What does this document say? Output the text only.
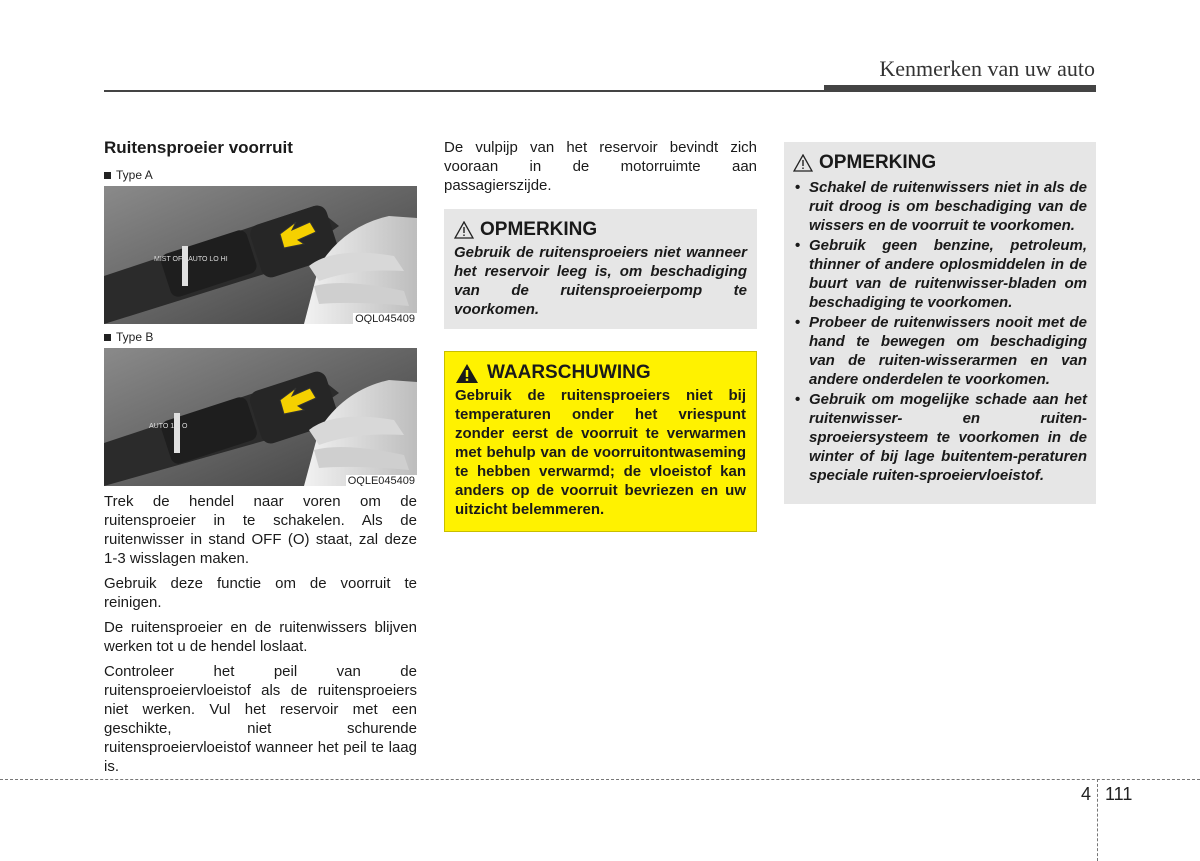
Kenmerken van uw auto
Ruitensproeier voorruit
Type A
MIST OFF AUTO LO HI
OQL045409
Type B
AUTO 1 2 O
OQLE045409

Trek de hendel naar voren om de ruitensproeier in te schakelen. Als de ruitenwisser in stand OFF (O) staat, zal deze 1-3 wisslagen maken.

Gebruik deze functie om de voorruit te reinigen.

De ruitensproeier en de ruitenwissers blijven werken tot u de hendel loslaat.

Controleer het peil van de ruitensproeiervloeistof als de ruitensproeiers niet werken. Vul het reservoir met een geschikte, niet schurende ruitensproeiervloeistof wanneer het peil te laag is.

De vulpijp van het reservoir bevindt zich vooraan in de motorruimte aan passagierszijde.

OPMERKING
Gebruik de ruitensproeiers niet wanneer het reservoir leeg is, om beschadiging van de ruitensproeierpomp te voorkomen.
WAARSCHUWING
Gebruik de ruitensproeiers niet bij temperaturen onder het vriespunt zonder eerst de voorruit te verwarmen met behulp van de voorruitontwaseming te hebben verwarmd; de vloeistof kan anders op de voorruit bevriezen en uw uitzicht belemmeren.
OPMERKING
• Schakel de ruitenwissers niet in als de ruit droog is om beschadiging van de wissers en de voorruit te voorkomen.
• Gebruik geen benzine, petroleum, thinner of andere oplosmiddelen in de buurt van de ruitenwisser-bladen om beschadiging te voorkomen.
• Probeer de ruitenwissers nooit met de hand te bewegen om beschadiging van de ruiten-wisserarmen en van andere onderdelen te voorkomen.
• Gebruik om mogelijke schade aan het ruitenwisser- en ruiten-sproeiersysteem te voorkomen in de winter of bij lage buitentem-peraturen speciale ruiten-sproeiervloeistof.
4 111
